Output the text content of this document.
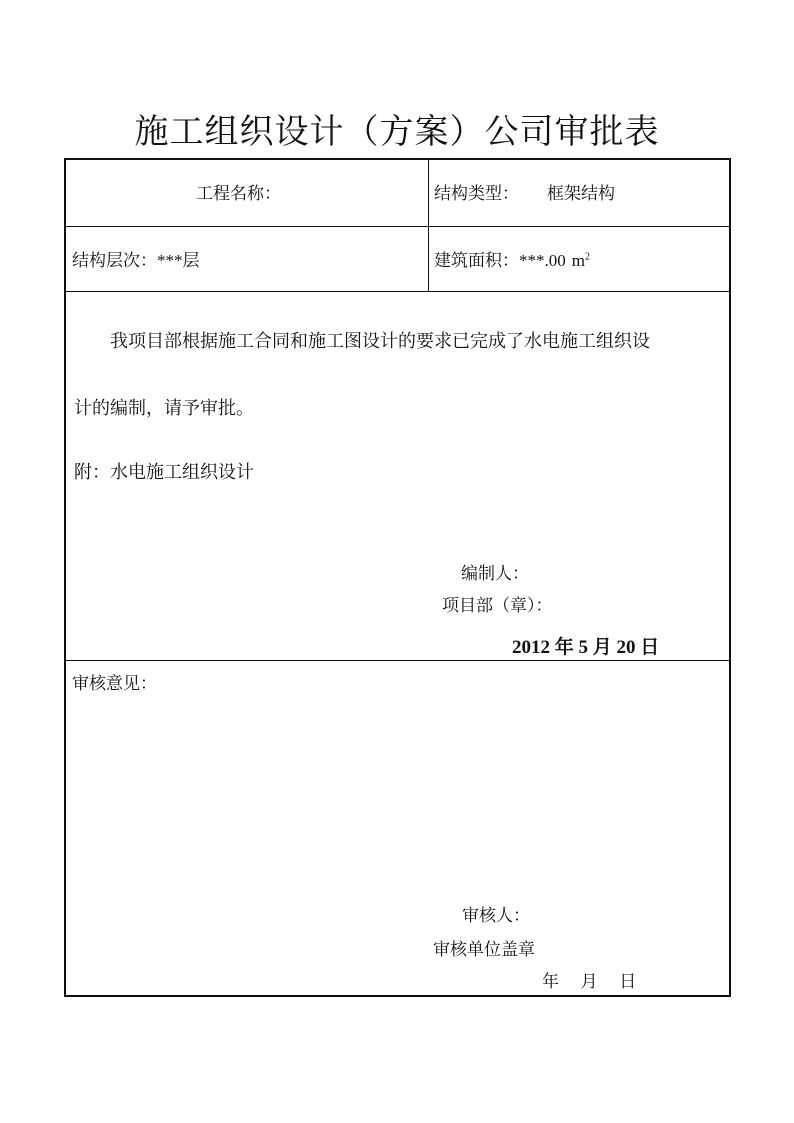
施工组织设计（方案）公司审批表
工程名称：	结构类型： 框架结构
结构层次：***层	建筑面积：***.00 $m^2$
我项目部根据施工合同和施工图设计的要求已完成了水电施工组织设
计的编制，请予审批。
附：水电施工组织设计
编制人：
项目部（章）：
2012 年 5 月 20 日
审核意见：
审核人：
审核单位盖章
年    月    日
